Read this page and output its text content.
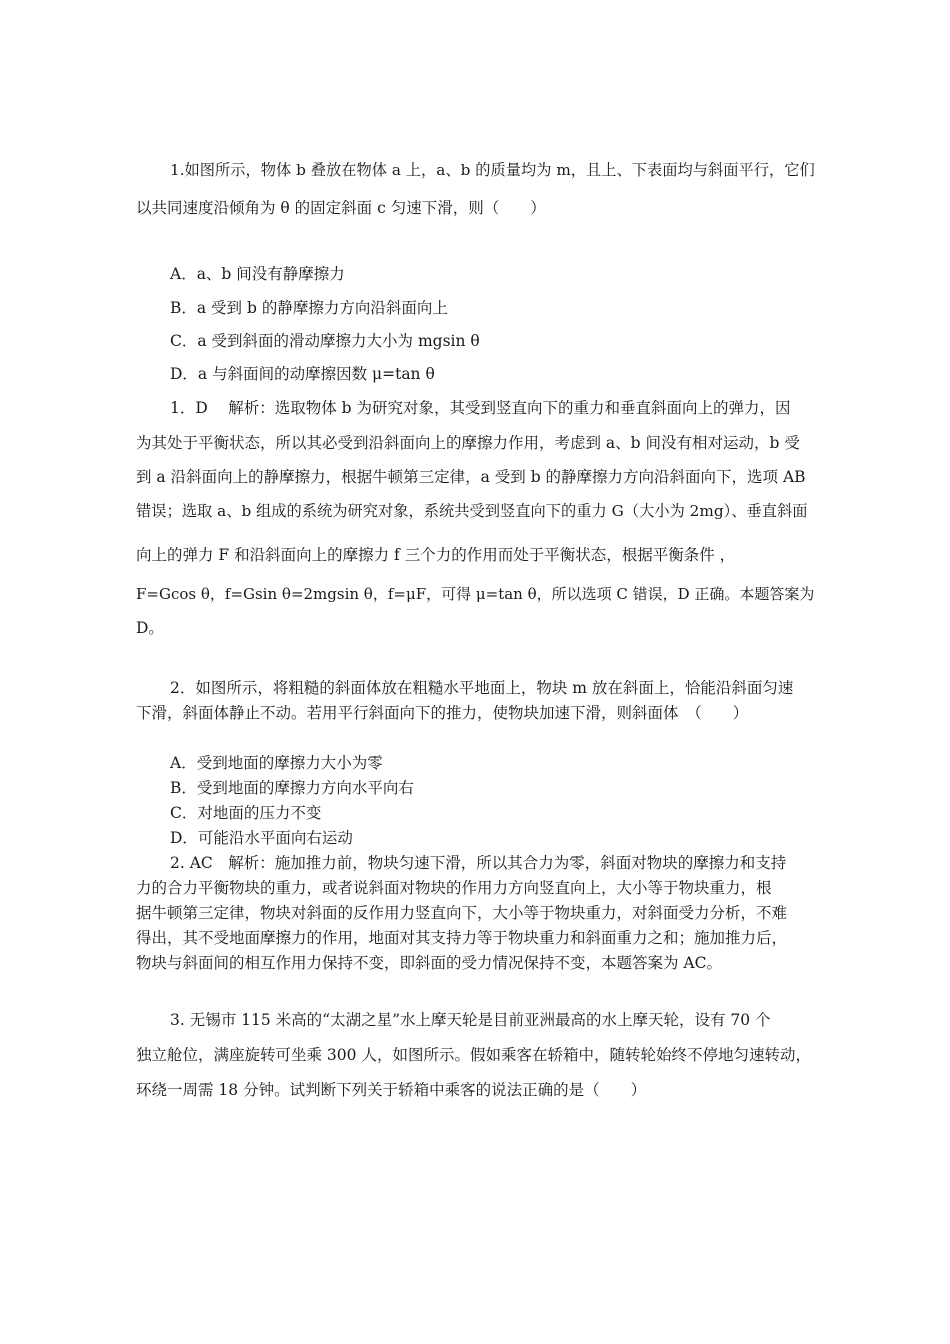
1.如图所示，物体 b 叠放在物体 a 上，a、b 的质量均为 m，且上、下表面均与斜面平行，它们
以共同速度沿倾角为 θ 的固定斜面 c 匀速下滑，则（　　）
A．a、b 间没有静摩擦力
B．a 受到 b 的静摩擦力方向沿斜面向上
C．a 受到斜面的滑动摩擦力大小为 mgsin θ
D．a 与斜面间的动摩擦因数 μ=tan θ
1．D　 解析：选取物体 b 为研究对象，其受到竖直向下的重力和垂直斜面向上的弹力，因
为其处于平衡状态，所以其必受到沿斜面向上的摩擦力作用，考虑到 a、b 间没有相对运动，b 受
到 a 沿斜面向上的静摩擦力，根据牛顿第三定律，a 受到 b 的静摩擦力方向沿斜面向下，选项 AB
错误；选取 a、b 组成的系统为研究对象，系统共受到竖直向下的重力 G（大小为 2mg）、垂直斜面
向上的弹力 F 和沿斜面向上的摩擦力 f 三个力的作用而处于平衡状态，根据平衡条件 ，
F=Gcos θ，f=Gsin θ=2mgsin θ，f=μF，可得 μ=tan θ，所以选项 C 错误，D 正确。本题答案为
D。
2．如图所示，将粗糙的斜面体放在粗糙水平地面上，物块 m 放在斜面上，恰能沿斜面匀速
下滑，斜面体静止不动。若用平行斜面向下的推力，使物块加速下滑，则斜面体　（　　）
A．受到地面的摩擦力大小为零
B．受到地面的摩擦力方向水平向右
C．对地面的压力不变
D．可能沿水平面向右运动
2. AC　解析：施加推力前，物块匀速下滑，所以其合力为零，斜面对物块的摩擦力和支持
力的合力平衡物块的重力，或者说斜面对物块的作用力方向竖直向上，大小等于物块重力，根
据牛顿第三定律，物块对斜面的反作用力竖直向下，大小等于物块重力，对斜面受力分析，不难
得出，其不受地面摩擦力的作用，地面对其支持力等于物块重力和斜面重力之和；施加推力后，
物块与斜面间的相互作用力保持不变，即斜面的受力情况保持不变，本题答案为 AC。
3. 无锡市 115 米高的“太湖之星”水上摩天轮是目前亚洲最高的水上摩天轮，设有 70 个
独立舱位，满座旋转可坐乘 300 人，如图所示。假如乘客在轿箱中，随转轮始终不停地匀速转动，
环绕一周需 18 分钟。试判断下列关于轿箱中乘客的说法正确的是（　　）
